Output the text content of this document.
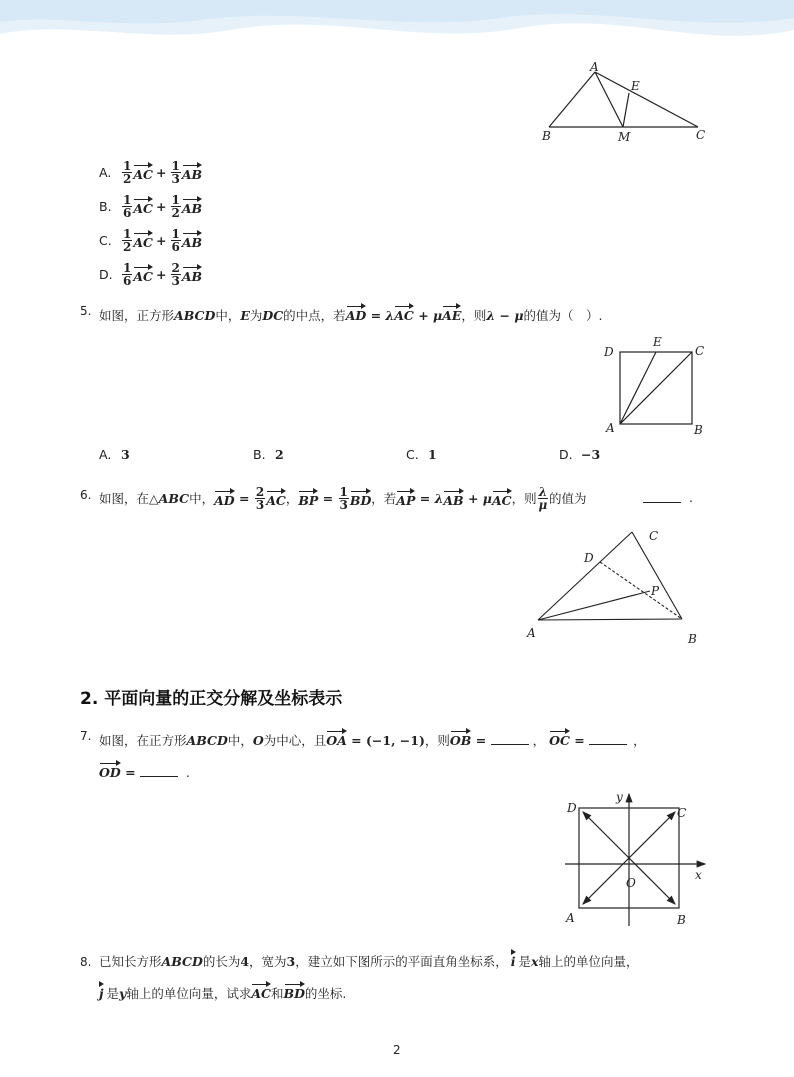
A
E
B	M	C
A. $\frac{1}{2}$ AC + $\frac{1}{3}$ AB
B. $\frac{1}{6}$ AC + $\frac{1}{2}$ AB
C. $\frac{1}{2}$ AC + $\frac{1}{6}$ AB
D. $\frac{1}{6}$ AC + $\frac{2}{3}$ AB
5. 如图，正方形ABCD中，E为DC的中点，若AD = λAC + μAE，则λ − μ的值为（　）.
D
E
C
A	B
A. 3	B. 2	C. 1	D. −3
6. 如图，在△ ABC 中， AD = $\frac{2}{3}$ AC ， BP = $\frac{1}{3}$ BD ，若 AP = λ AB + μ AC ，则 $\frac{\lambda}{\mu}$ 的值为	.
C
D
P
A	B
2. 平面向量的正交分解及坐标表示
7. 如图，在正方形ABCD中，O为中心，且OA = (−1, −1)，则OB =	， OC =	，
OD =	.
D
y
C
O
x
A	B
8. 已知长方形ABCD的长为4，宽为3，建立如下图所示的平面直角坐标系， i 是x轴上的单位向量，
j 是y轴上的单位向量，试求AC和BD的坐标.
2
